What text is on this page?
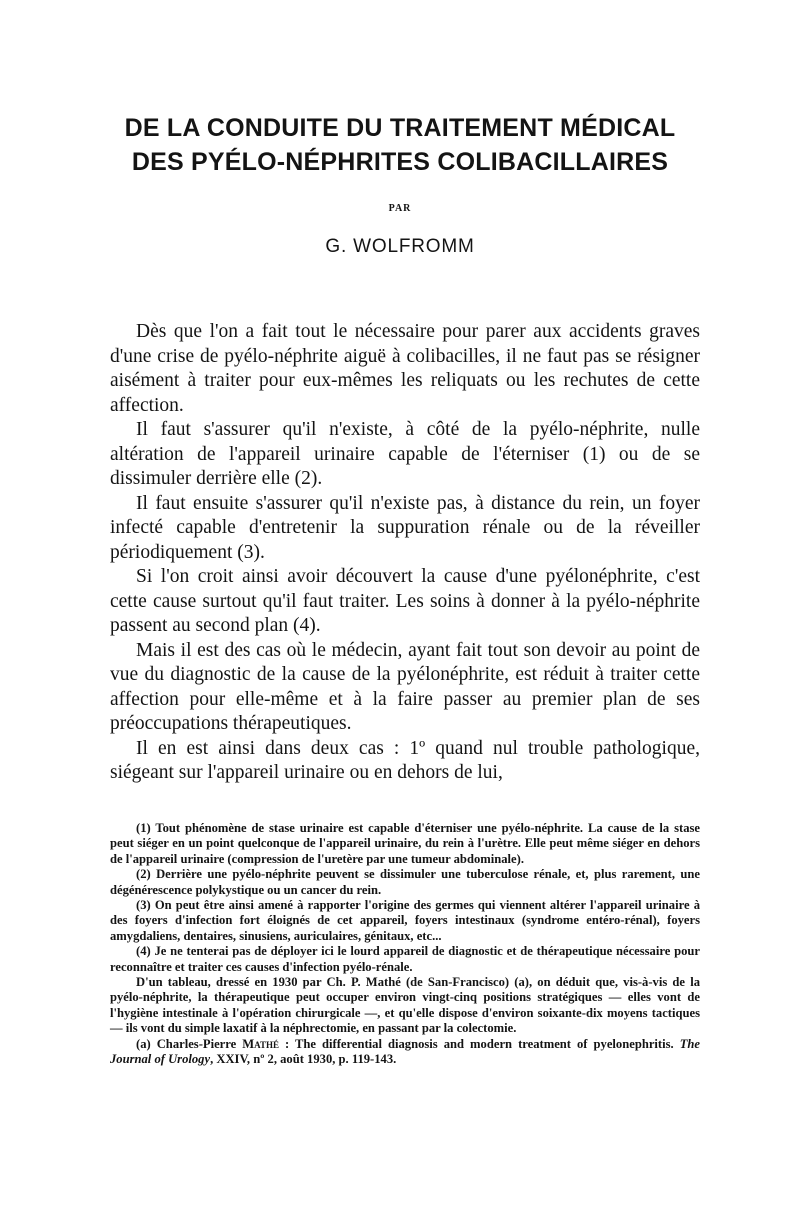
DE LA CONDUITE DU TRAITEMENT MÉDICAL
DES PYÉLO-NÉPHRITES COLIBACILLAIRES
PAR
G. WOLFROMM

Dès que l'on a fait tout le nécessaire pour parer aux accidents graves d'une crise de pyélo-néphrite aiguë à colibacilles, il ne faut pas se résigner aisément à traiter pour eux-mêmes les reliquats ou les rechutes de cette affection.

Il faut s'assurer qu'il n'existe, à côté de la pyélo-néphrite, nulle altération de l'appareil urinaire capable de l'éterniser (1) ou de se dissimuler derrière elle (2).

Il faut ensuite s'assurer qu'il n'existe pas, à distance du rein, un foyer infecté capable d'entretenir la suppuration rénale ou de la réveiller périodiquement (3).

Si l'on croit ainsi avoir découvert la cause d'une pyélonéphrite, c'est cette cause surtout qu'il faut traiter. Les soins à donner à la pyélo-néphrite passent au second plan (4).

Mais il est des cas où le médecin, ayant fait tout son devoir au point de vue du diagnostic de la cause de la pyélonéphrite, est réduit à traiter cette affection pour elle-même et à la faire passer au premier plan de ses préoccupations thérapeutiques.

Il en est ainsi dans deux cas : 1º quand nul trouble pathologique, siégeant sur l'appareil urinaire ou en dehors de lui,

(1) Tout phénomène de stase urinaire est capable d'éterniser une pyélo-néphrite. La cause de la stase peut siéger en un point quelconque de l'appareil urinaire, du rein à l'urètre. Elle peut même siéger en dehors de l'appareil urinaire (compression de l'uretère par une tumeur abdominale).

(2) Derrière une pyélo-néphrite peuvent se dissimuler une tuberculose rénale, et, plus rarement, une dégénérescence polykystique ou un cancer du rein.

(3) On peut être ainsi amené à rapporter l'origine des germes qui viennent altérer l'appareil urinaire à des foyers d'infection fort éloignés de cet appareil, foyers intestinaux (syndrome entéro-rénal), foyers amygdaliens, dentaires, sinusiens, auriculaires, génitaux, etc...

(4) Je ne tenterai pas de déployer ici le lourd appareil de diagnostic et de thérapeutique nécessaire pour reconnaître et traiter ces causes d'infection pyélo-rénale.

D'un tableau, dressé en 1930 par Ch. P. Mathé (de San-Francisco) (a), on déduit que, vis-à-vis de la pyélo-néphrite, la thérapeutique peut occuper environ vingt-cinq positions stratégiques — elles vont de l'hygiène intestinale à l'opération chirurgicale —, et qu'elle dispose d'environ soixante-dix moyens tactiques — ils vont du simple laxatif à la néphrectomie, en passant par la colectomie.

(a) Charles-Pierre Mathé : The differential diagnosis and modern treatment of pyelonephritis. The Journal of Urology, XXIV, nº 2, août 1930, p. 119-143.
